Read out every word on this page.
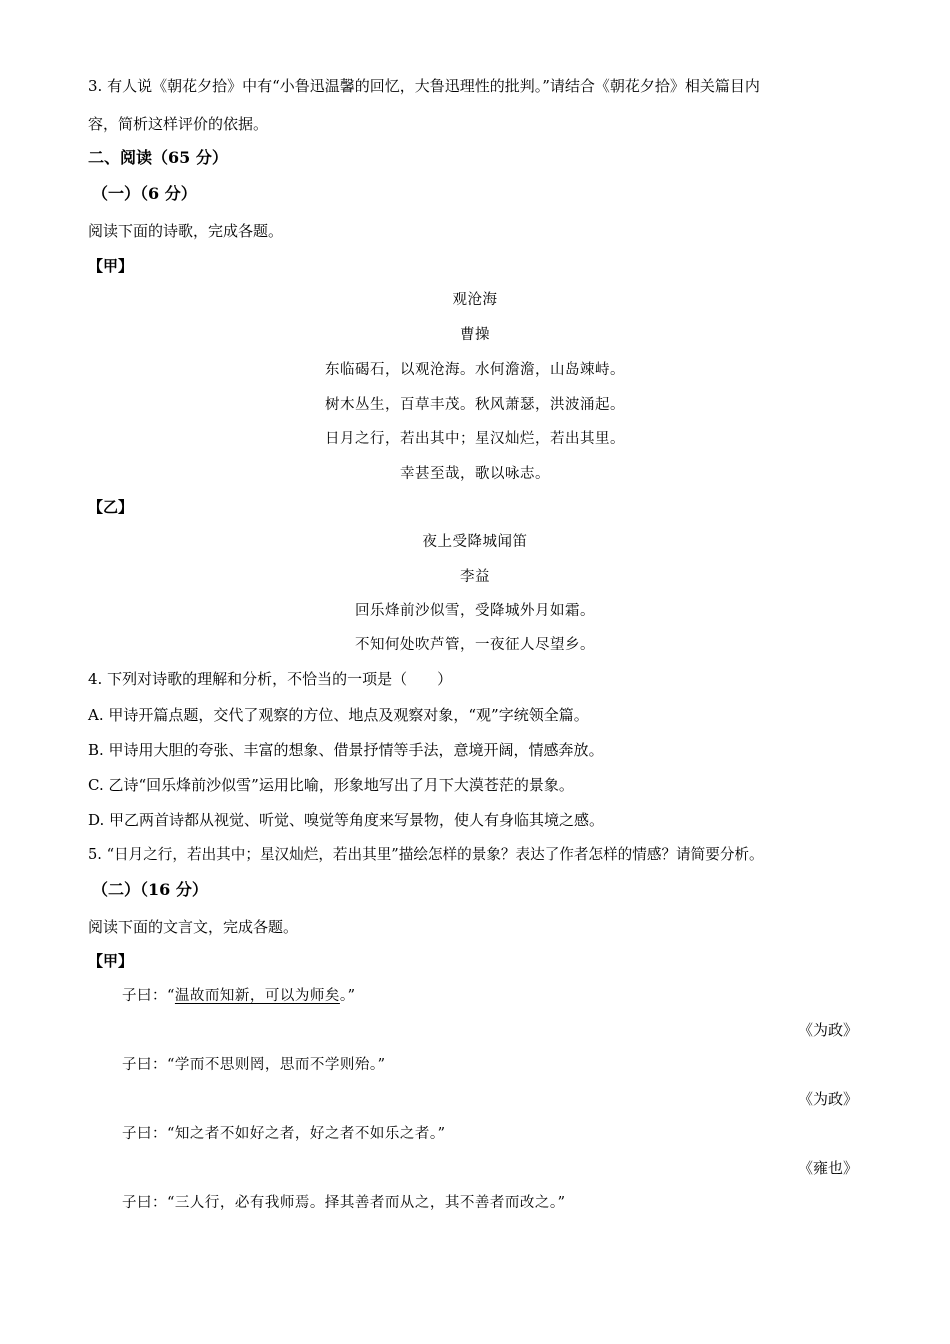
3. 有人说《朝花夕拾》中有“小鲁迅温馨的回忆，大鲁迅理性的批判。”请结合《朝花夕拾》相关篇目内
容，简析这样评价的依据。
二、阅读（65 分）
（一）（6 分）
阅读下面的诗歌，完成各题。
【甲】
观沧海
曹操
东临碣石，以观沧海。水何澹澹，山岛竦峙。
树木丛生，百草丰茂。秋风萧瑟，洪波涌起。
日月之行，若出其中；星汉灿烂，若出其里。
幸甚至哉，歌以咏志。
【乙】
夜上受降城闻笛
李益
回乐烽前沙似雪，受降城外月如霜。
不知何处吹芦管，一夜征人尽望乡。
4. 下列对诗歌的理解和分析，不恰当的一项是（　　）
A. 甲诗开篇点题，交代了观察的方位、地点及观察对象，“观”字统领全篇。
B. 甲诗用大胆的夸张、丰富的想象、借景抒情等手法，意境开阔，情感奔放。
C. 乙诗“回乐烽前沙似雪”运用比喻，形象地写出了月下大漠苍茫的景象。
D. 甲乙两首诗都从视觉、听觉、嗅觉等角度来写景物，使人有身临其境之感。
5. “日月之行，若出其中；星汉灿烂，若出其里”描绘怎样的景象？表达了作者怎样的情感？请简要分析。
（二）（16 分）
阅读下面的文言文，完成各题。
【甲】
子曰：“温故而知新，可以为师矣。”
《为政》
子曰：“学而不思则罔，思而不学则殆。”
《为政》
子曰：“知之者不如好之者，好之者不如乐之者。”
《雍也》
子曰：“三人行，必有我师焉。择其善者而从之，其不善者而改之。”
